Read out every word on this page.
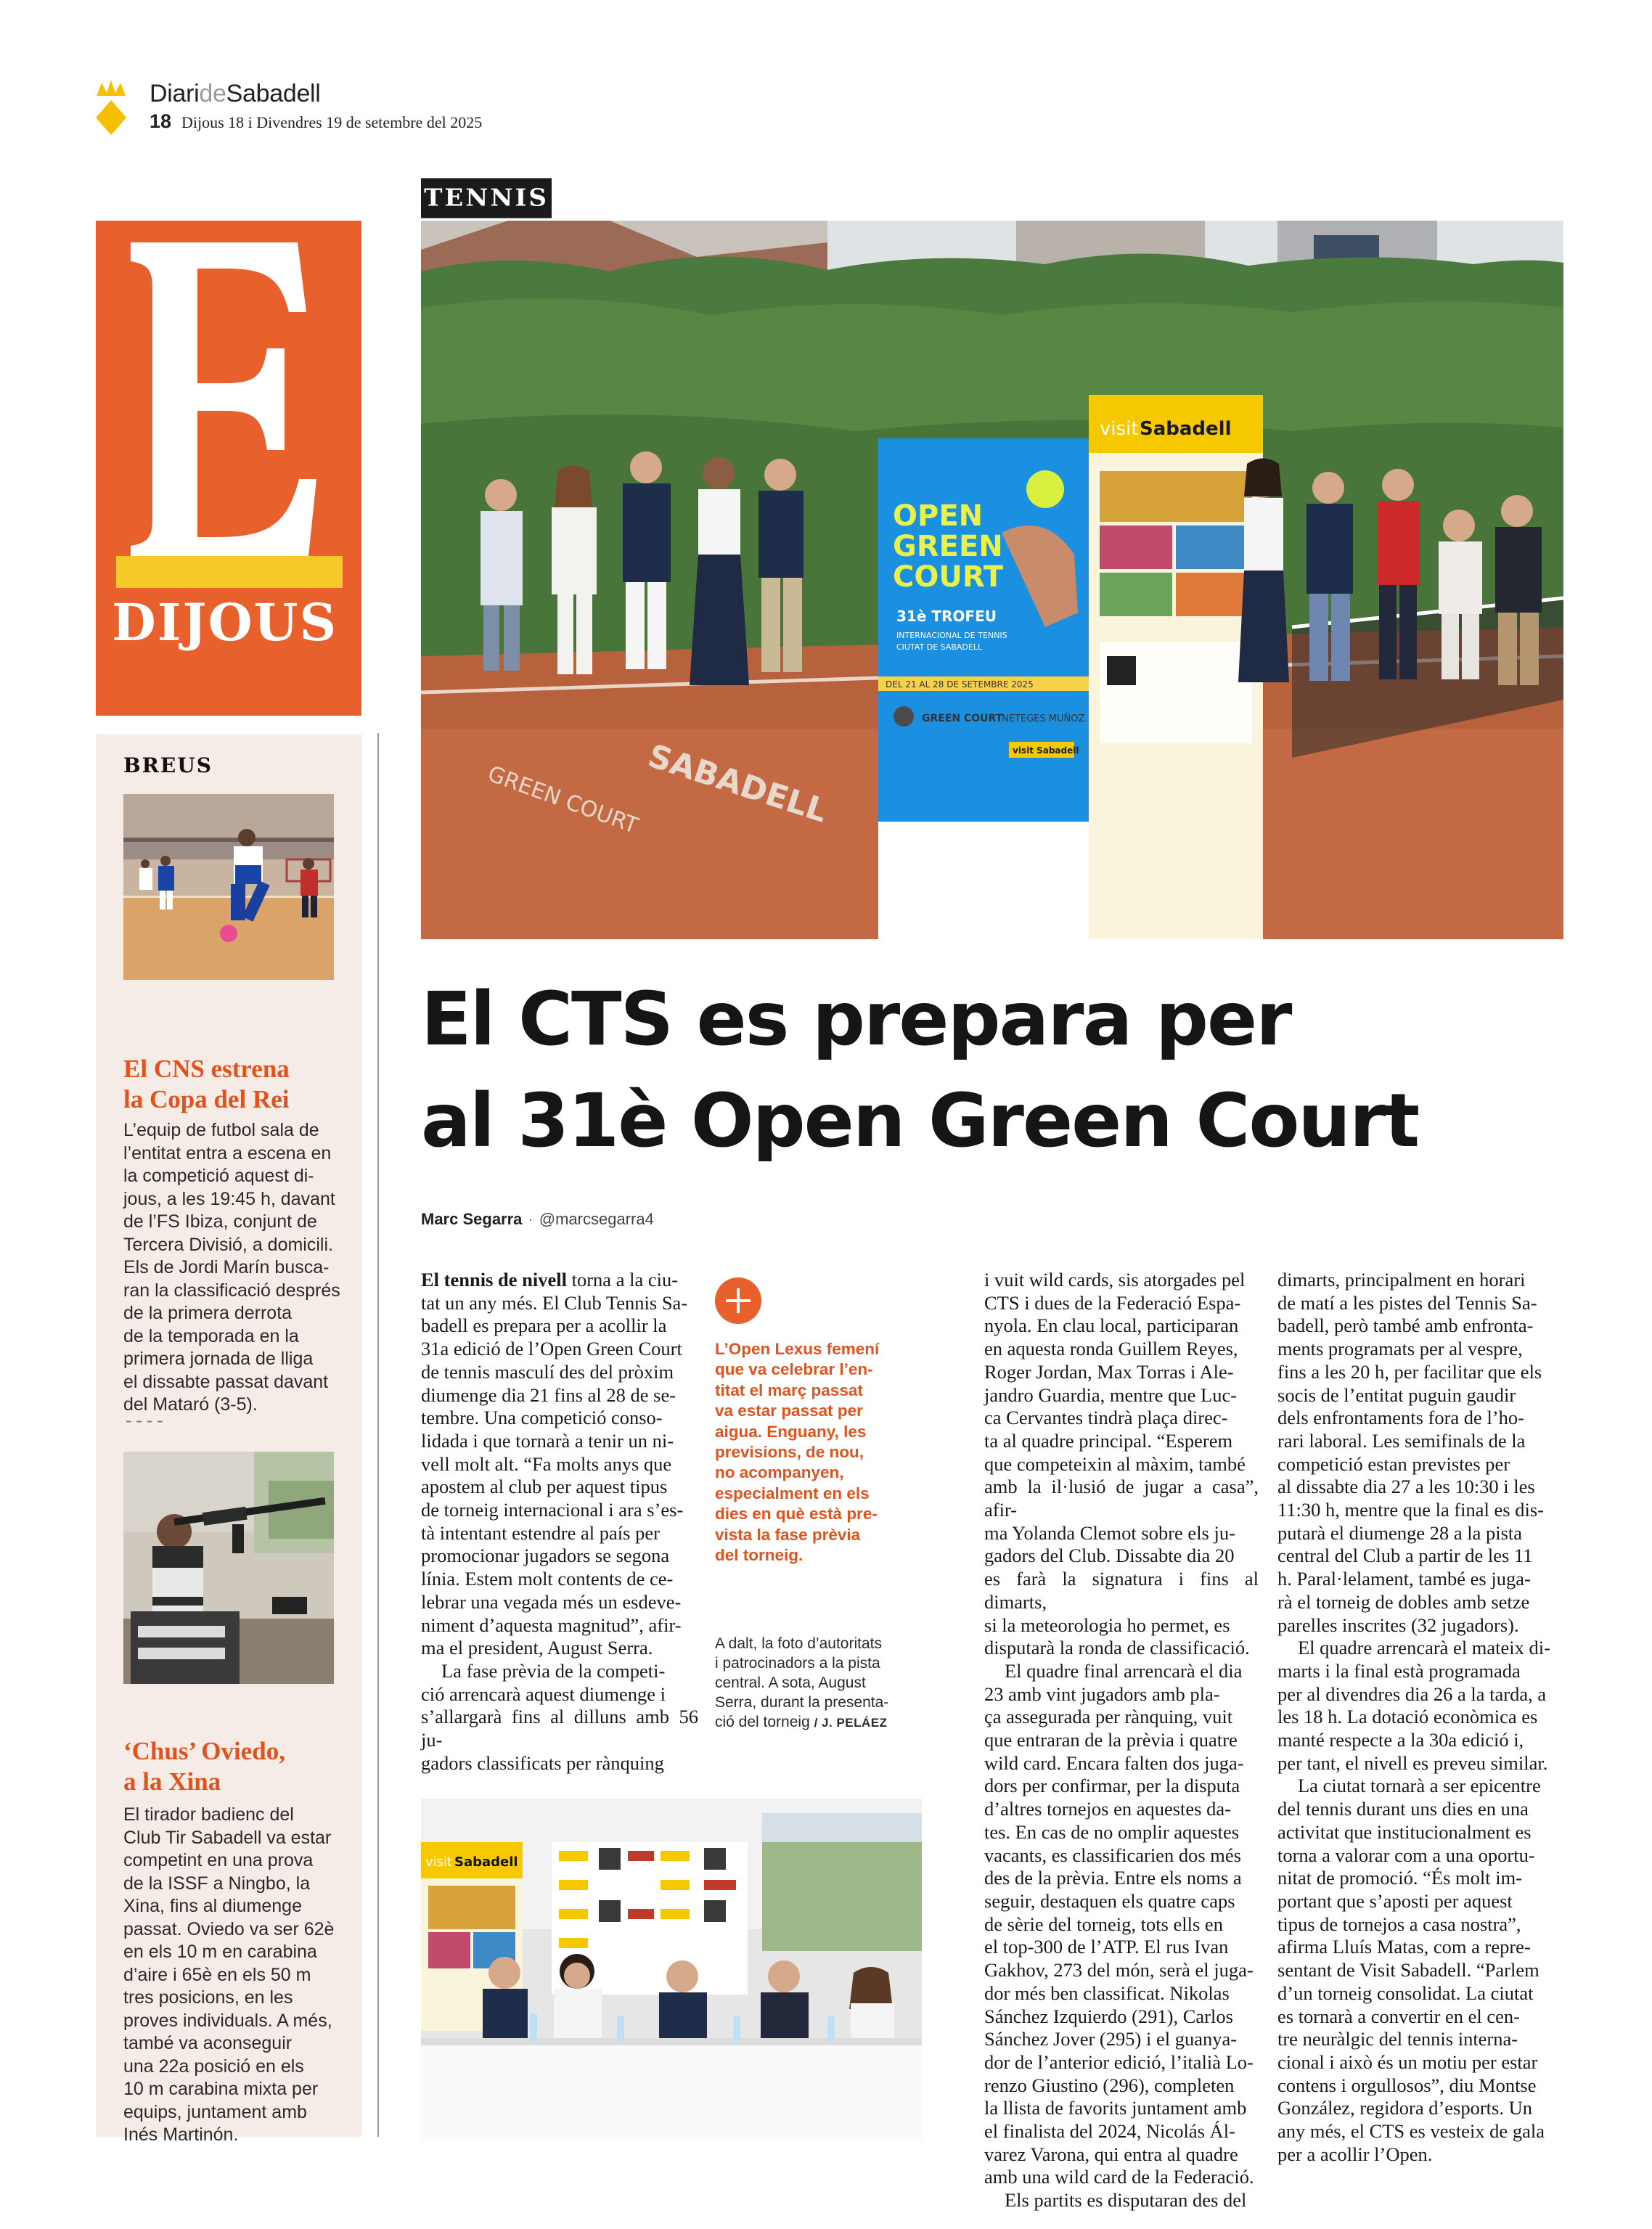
DiarideSabadell
18 Dijous 18 i Divendres 19 de setembre del 2025
TENNIS
DIJOUS
BREUS
El CNS estrena
la Copa del Rei
L’equip de futbol sala de
l’entitat entra a escena en
la competició aquest di-
jous, a les 19:45 h, davant
de l’FS Ibiza, conjunt de
Tercera Divisió, a domicili.
Els de Jordi Marín busca-
ran la classificació després
de la primera derrota
de la temporada en la
primera jornada de lliga
el dissabte passat davant
del Mataró (3-5).
----
‘Chus’ Oviedo,
a la Xina
El tirador badienc del
Club Tir Sabadell va estar
competint en una prova
de la ISSF a Ningbo, la
Xina, fins al diumenge
passat. Oviedo va ser 62è
en els 10 m en carabina
d’aire i 65è en els 50 m
tres posicions, en les
proves individuals. A més,
també va aconseguir
una 22a posició en els
10 m carabina mixta per
equips, juntament amb
Inés Martinón.
SABADELL
GREEN COURT
OPEN
GREEN
COURT
31è TROFEU
INTERNACIONAL DE TENNIS
CIUTAT DE SABADELL
DEL 21 AL 28 DE SETEMBRE 2025
GREEN COURT
NETEGES MUÑOZ
visit Sabadell
visit Sabadell
El CTS es prepara per
al 31è Open Green Court
Marc Segarra · @marcsegarra4
El tennis de nivell torna a la ciu-
tat un any més. El Club Tennis Sa-
badell es prepara per a acollir la
31a edició de l’Open Green Court
de tennis masculí des del pròxim
diumenge dia 21 fins al 28 de se-
tembre. Una competició conso-
lidada i que tornarà a tenir un ni-
vell molt alt. “Fa molts anys que
apostem al club per aquest tipus
de torneig internacional i ara s’es-
tà intentant estendre al país per
promocionar jugadors se segona
línia. Estem molt contents de ce-
lebrar una vegada més un esdeve-
niment d’aquesta magnitud”, afir-
ma el president, August Serra.
La fase prèvia de la competi-
ció arrencarà aquest diumenge i
s’allargarà fins al dilluns amb 56 ju-
gadors classificats per rànquing
L’Open Lexus femení
que va celebrar l’en-
titat el març passat
va estar passat per
aigua. Enguany, les
previsions, de nou,
no acompanyen,
especialment en els
dies en què està pre-
vista la fase prèvia
del torneig.
A dalt, la foto d’autoritats
i patrocinadors a la pista
central. A sota, August
Serra, durant la presenta-
ció del torneig / J. PELÁEZ
visit Sabadell
i vuit wild cards, sis atorgades pel
CTS i dues de la Federació Espa-
nyola. En clau local, participaran
en aquesta ronda Guillem Reyes,
Roger Jordan, Max Torras i Ale-
jandro Guardia, mentre que Luc-
ca Cervantes tindrà plaça direc-
ta al quadre principal. “Esperem
que competeixin al màxim, també
amb la il·lusió de jugar a casa”, afir-
ma Yolanda Clemot sobre els ju-
gadors del Club. Dissabte dia 20
es farà la signatura i fins al dimarts,
si la meteorologia ho permet, es
disputarà la ronda de classificació.
El quadre final arrencarà el dia
23 amb vint jugadors amb pla-
ça assegurada per rànquing, vuit
que entraran de la prèvia i quatre
wild card. Encara falten dos juga-
dors per confirmar, per la disputa
d’altres tornejos en aquestes da-
tes. En cas de no omplir aquestes
vacants, es classificarien dos més
des de la prèvia. Entre els noms a
seguir, destaquen els quatre caps
de sèrie del torneig, tots ells en
el top-300 de l’ATP. El rus Ivan
Gakhov, 273 del món, serà el juga-
dor més ben classificat. Nikolas
Sánchez Izquierdo (291), Carlos
Sánchez Jover (295) i el guanya-
dor de l’anterior edició, l’italià Lo-
renzo Giustino (296), completen
la llista de favorits juntament amb
el finalista del 2024, Nicolás Ál-
varez Varona, qui entra al quadre
amb una wild card de la Federació.
Els partits es disputaran des del
dimarts, principalment en horari
de matí a les pistes del Tennis Sa-
badell, però també amb enfronta-
ments programats per al vespre,
fins a les 20 h, per facilitar que els
socis de l’entitat puguin gaudir
dels enfrontaments fora de l’ho-
rari laboral. Les semifinals de la
competició estan previstes per
al dissabte dia 27 a les 10:30 i les
11:30 h, mentre que la final es dis-
putarà el diumenge 28 a la pista
central del Club a partir de les 11
h. Paral·lelament, també es juga-
rà el torneig de dobles amb setze
parelles inscrites (32 jugadors).
El quadre arrencarà el mateix di-
marts i la final està programada
per al divendres dia 26 a la tarda, a
les 18 h. La dotació econòmica es
manté respecte a la 30a edició i,
per tant, el nivell es preveu similar.
La ciutat tornarà a ser epicentre
del tennis durant uns dies en una
activitat que institucionalment es
torna a valorar com a una oportu-
nitat de promoció. “És molt im-
portant que s’aposti per aquest
tipus de tornejos a casa nostra”,
afirma Lluís Matas, com a repre-
sentant de Visit Sabadell. “Parlem
d’un torneig consolidat. La ciutat
es tornarà a convertir en el cen-
tre neuràlgic del tennis interna-
cional i això és un motiu per estar
contens i orgullosos”, diu Montse
González, regidora d’esports. Un
any més, el CTS es vesteix de gala
per a acollir l’Open.
